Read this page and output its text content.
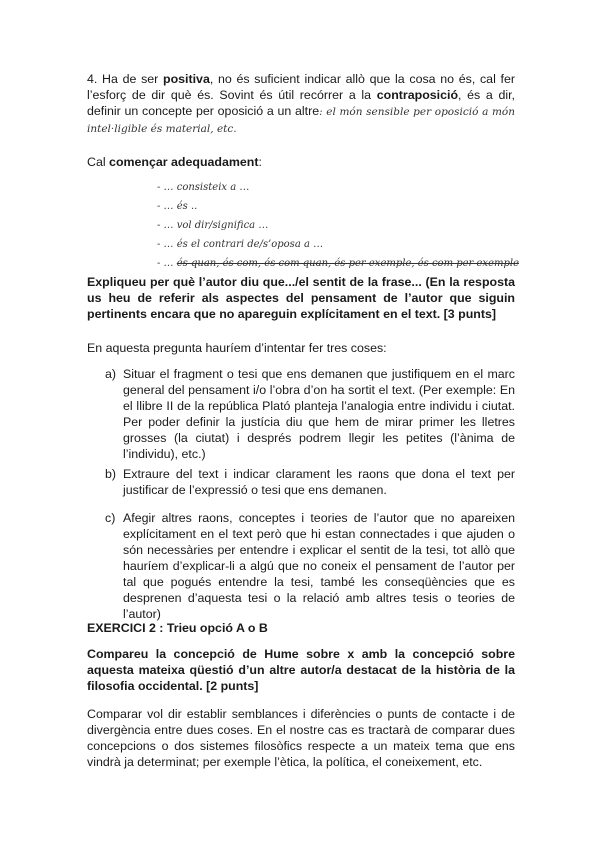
4. Ha de ser positiva, no és suficient indicar allò que la cosa no és, cal fer l’esforç de dir què és. Sovint és útil recórrer a la contraposició, és a dir, definir un concepte per oposició a un altre: el món sensible per oposició a món intel·ligible és material, etc.
Cal començar adequadament:
- … consisteix a …
- … és ..
- … vol dir/significa …
- … és el contrari de/s’oposa a …
- … és quan, és com, és com quan, és per exemple, és com per exemple
Expliqueu per què l’autor diu que.../el sentit de la frase... (En la resposta us heu de referir als aspectes del pensament de l’autor que siguin pertinents encara que no apareguin explícitament en el text. [3 punts]
En aquesta pregunta hauríem d’intentar fer tres coses:
a) Situar el fragment o tesi que ens demanen que justifiquem en el marc general del pensament i/o l’obra d’on ha sortit el text. (Per exemple: En el llibre II de la república Plató planteja l’analogia entre individu i ciutat. Per poder definir la justícia diu que hem de mirar primer les lletres grosses (la ciutat) i després podrem llegir les petites (l’ànima de l’individu), etc.)
b) Extraure del text i indicar clarament les raons que dona el text per justificar de l’expressió o tesi que ens demanen.
c) Afegir altres raons, conceptes i teories de l’autor que no apareixen explícitament en el text però que hi estan connectades i que ajuden o són necessàries per entendre i explicar el sentit de la tesi, tot allò que hauríem d’explicar-li a algú que no coneix el pensament de l’autor per tal que pogués entendre la tesi, també les conseqüències que es desprenen d’aquesta tesi o la relació amb altres tesis o teories de l’autor)
EXERCICI 2 : Trieu opció A o B
Compareu la concepció de Hume sobre x amb la concepció sobre aquesta mateixa qüestió d’un altre autor/a destacat de la història de la filosofia occidental. [2 punts]
Comparar vol dir establir semblances i diferències o punts de contacte i de divergència entre dues coses. En el nostre cas es tractarà de comparar dues concepcions o dos sistemes filosòfics respecte a un mateix tema que ens vindrà ja determinat; per exemple l’ètica, la política, el coneixement, etc.
